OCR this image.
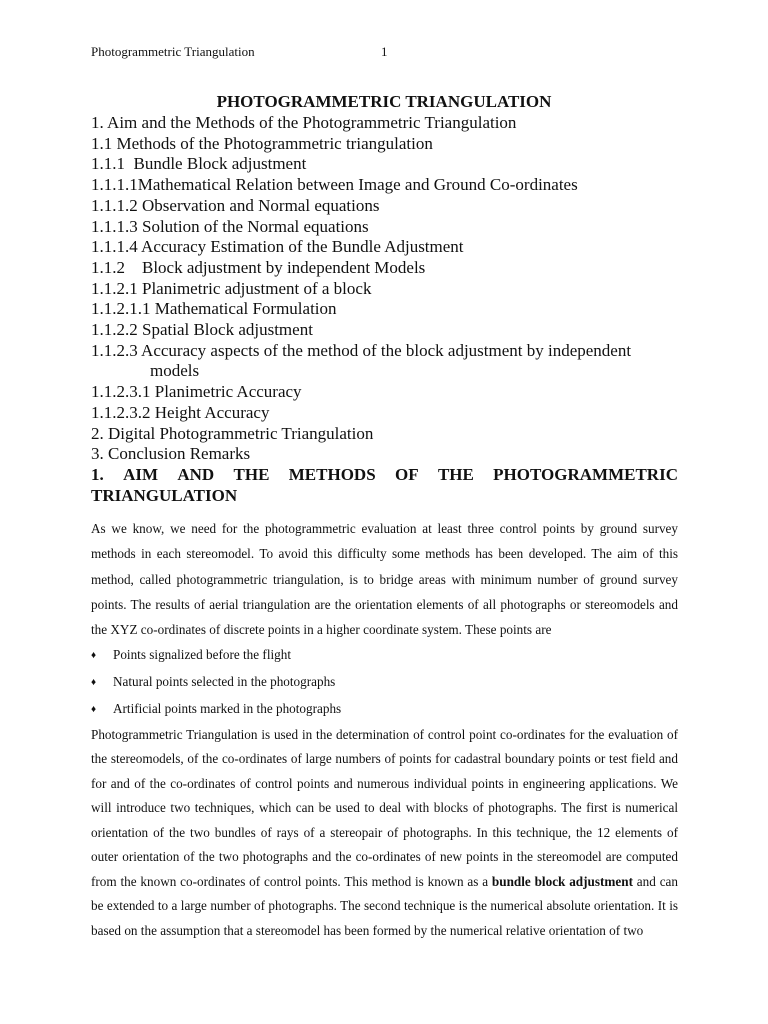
Photogrammetric Triangulation	1
PHOTOGRAMMETRIC TRIANGULATION
1. Aim and the Methods of the Photogrammetric Triangulation
1.1 Methods of the Photogrammetric triangulation
1.1.1  Bundle Block adjustment
1.1.1.1Mathematical Relation between Image and Ground Co-ordinates
1.1.1.2 Observation and Normal equations
1.1.1.3 Solution of the Normal equations
1.1.1.4 Accuracy Estimation of the Bundle Adjustment
1.1.2    Block adjustment by independent Models
1.1.2.1 Planimetric adjustment of a block
1.1.2.1.1 Mathematical Formulation
1.1.2.2 Spatial Block adjustment
1.1.2.3 Accuracy aspects of the method of the block adjustment by independent
models
1.1.2.3.1 Planimetric Accuracy
1.1.2.3.2 Height Accuracy
2. Digital Photogrammetric Triangulation
3. Conclusion Remarks
1. AIM AND THE METHODS OF THE PHOTOGRAMMETRIC
TRIANGULATION

As we know, we need for the photogrammetric evaluation at least three control points by ground survey methods in each stereomodel. To avoid this difficulty some methods has been developed. The aim of this method, called photogrammetric triangulation, is to bridge areas with minimum number of ground survey points. The results of aerial triangulation are the orientation elements of all photographs or stereomodels and the XYZ co-ordinates of discrete points in a higher coordinate system. These points are

♦	Points signalized before the flight
♦	Natural points selected in the photographs
♦	Artificial points marked in the photographs

Photogrammetric Triangulation is used in the determination of control point co-ordinates for the evaluation of the stereomodels, of the co-ordinates of large numbers of points for cadastral boundary points or test field and for and of the co-ordinates of control points and numerous individual points in engineering applications. We will introduce two techniques, which can be used to deal with blocks of photographs. The first is numerical orientation of the two bundles of rays of a stereopair of photographs. In this technique, the 12 elements of outer orientation of the two photographs and the co-ordinates of new points in the stereomodel are computed from the known co-ordinates of control points. This method is known as a bundle block adjustment and can be extended to a large number of photographs. The second technique is the numerical absolute orientation. It is based on the assumption that a stereomodel has been formed by the numerical relative orientation of two
